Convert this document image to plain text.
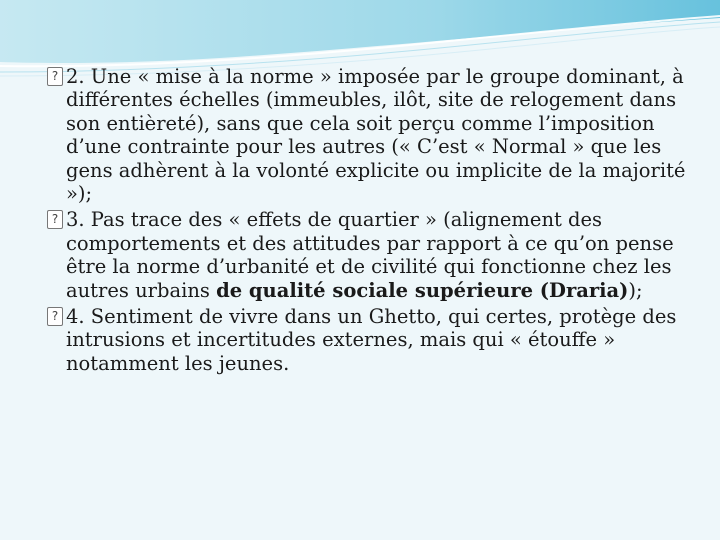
? 2. Une « mise à la norme » imposée par le groupe dominant, à différentes échelles (immeubles, ilôt, site de relogement dans son entièreté), sans que cela soit perçu comme l’imposition d’une contrainte pour les autres (« C’est « Normal » que les gens adhèrent à la volonté explicite ou implicite de la majorité »);
? 3. Pas trace des « effets de quartier » (alignement des comportements et des attitudes par rapport à ce qu’on pense être la norme d’urbanité et de civilité qui fonctionne chez les autres urbains de qualité sociale supérieure (Draria));
? 4. Sentiment de vivre dans un Ghetto, qui certes, protège des intrusions et incertitudes externes, mais qui « étouffe » notamment les jeunes.
